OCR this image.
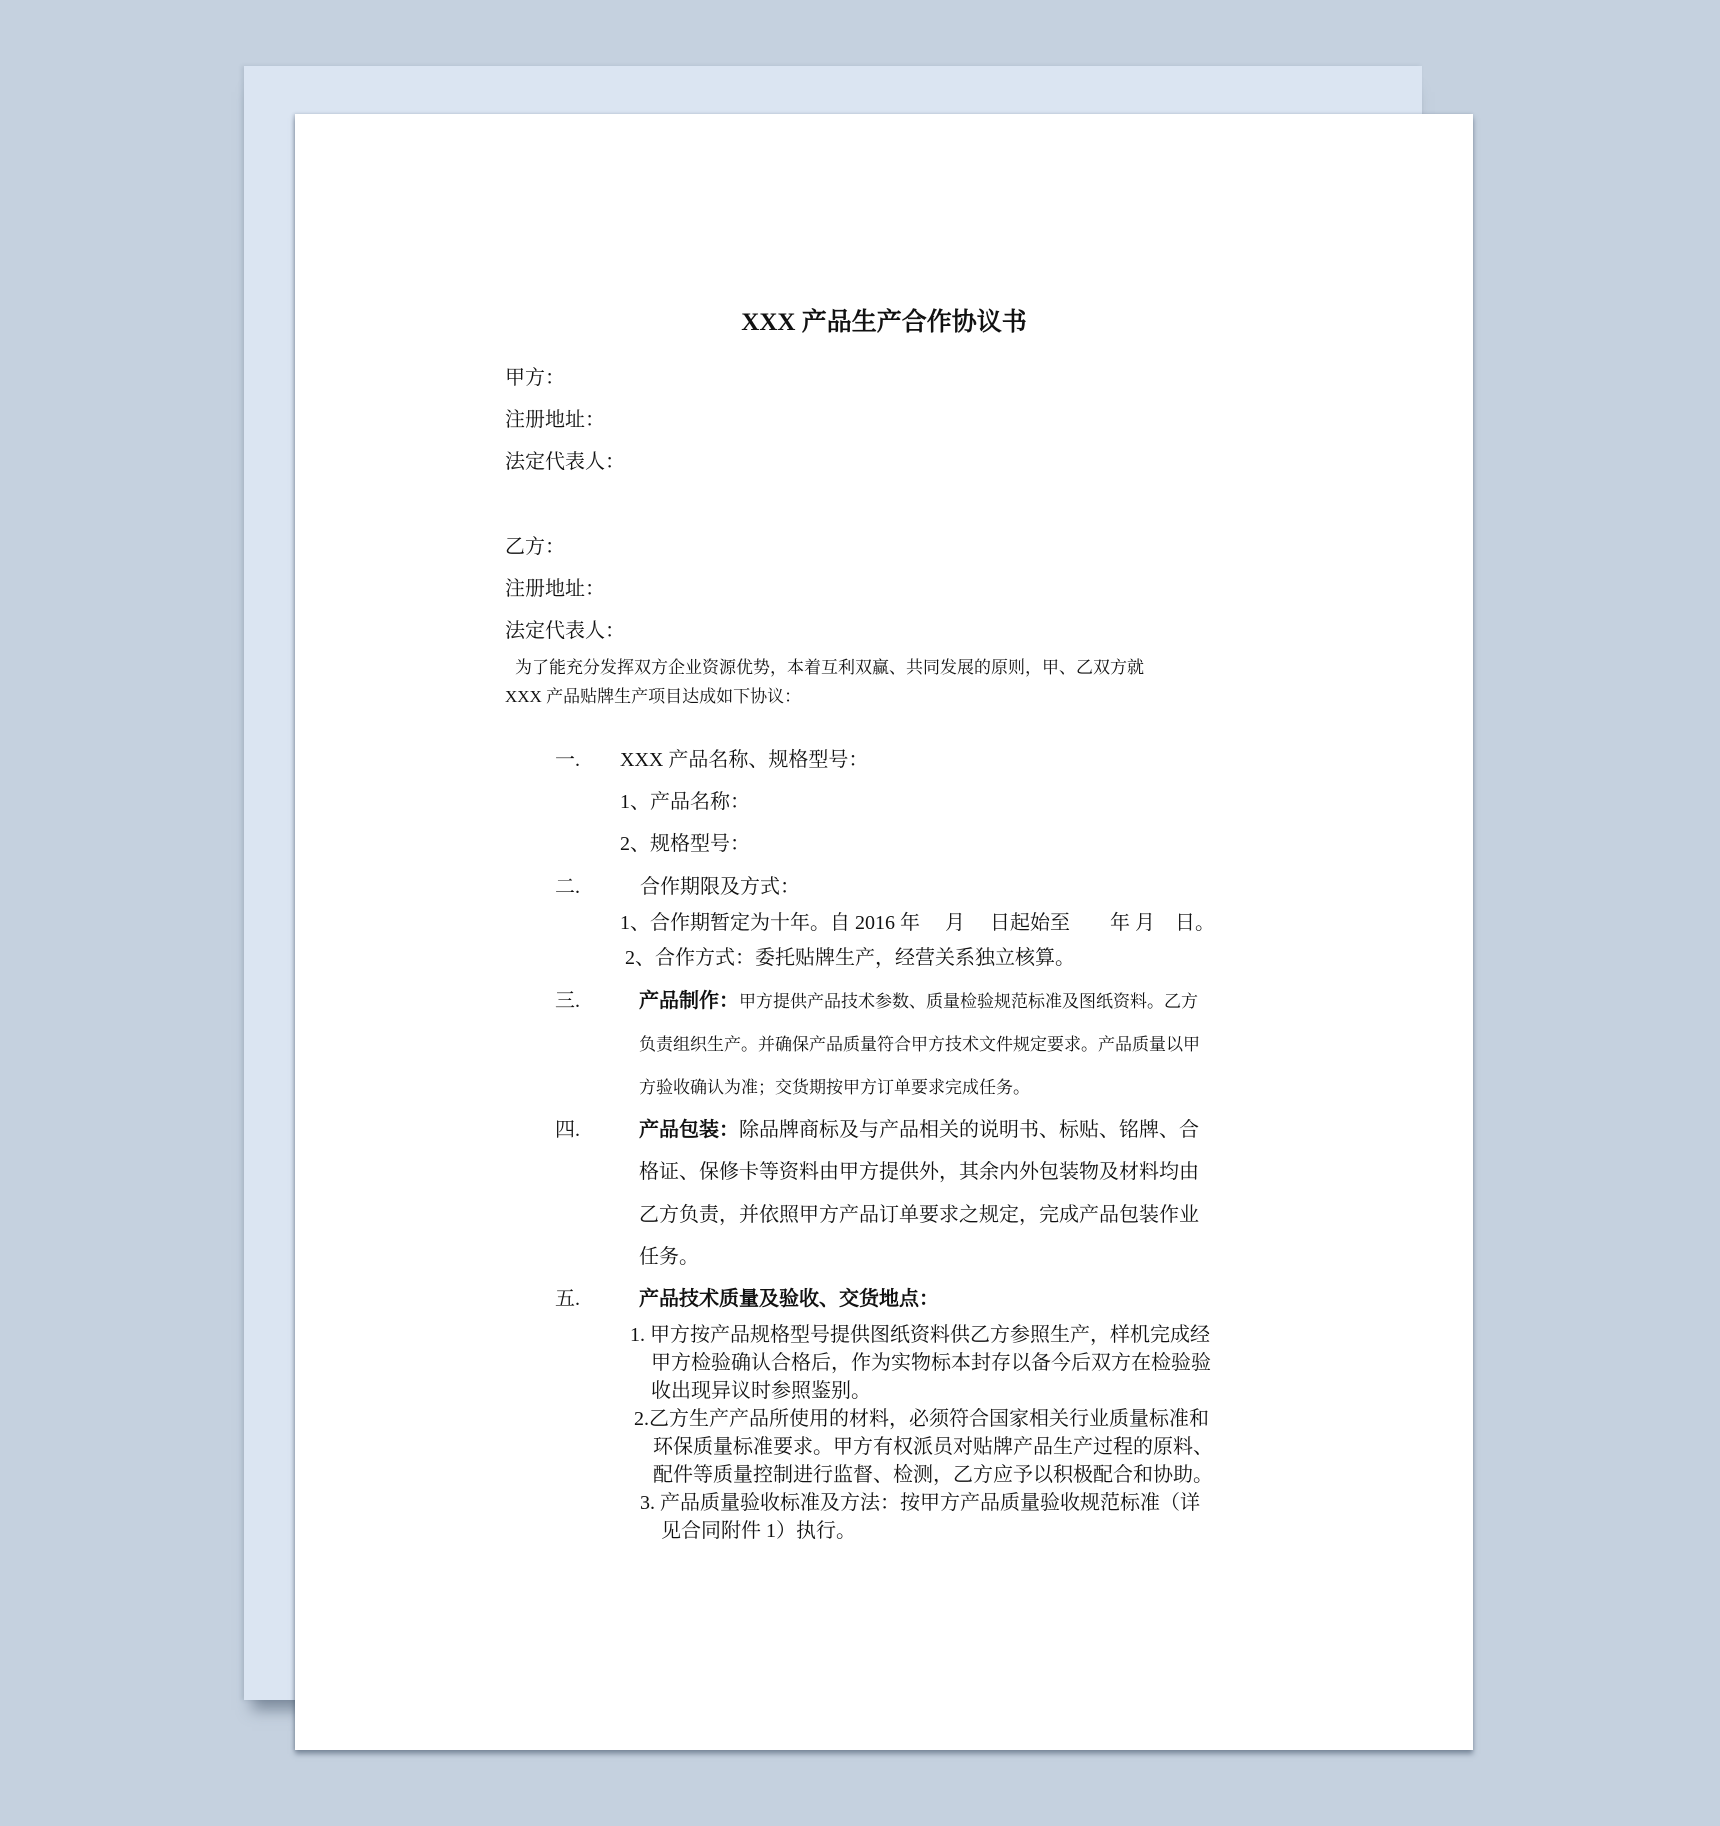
XXX 产品生产合作协议书
甲方：
注册地址：
法定代表人：
乙方：
注册地址：
法定代表人：
为了能充分发挥双方企业资源优势，本着互利双赢、共同发展的原则，甲、乙双方就
XXX 产品贴牌生产项目达成如下协议：
一. XXX 产品名称、规格型号：
1、产品名称：
2、规格型号：
二.	合作期限及方式：
1、合作期暂定为十年。自 2016 年　 月　 日起始至　　年 月　日。
2、合作方式：委托贴牌生产，经营关系独立核算。
三.	产品制作：甲方提供产品技术参数、质量检验规范标准及图纸资料。乙方
负责组织生产。并确保产品质量符合甲方技术文件规定要求。产品质量以甲
方验收确认为准；交货期按甲方订单要求完成任务。
四.	产品包装：除品牌商标及与产品相关的说明书、标贴、铭牌、合
格证、保修卡等资料由甲方提供外，其余内外包装物及材料均由
乙方负责，并依照甲方产品订单要求之规定，完成产品包装作业
任务。
五.	产品技术质量及验收、交货地点：
1. 甲方按产品规格型号提供图纸资料供乙方参照生产，样机完成经
甲方检验确认合格后，作为实物标本封存以备今后双方在检验验
收出现异议时参照鉴别。
2.乙方生产产品所使用的材料，必须符合国家相关行业质量标准和
环保质量标准要求。甲方有权派员对贴牌产品生产过程的原料、
配件等质量控制进行监督、检测，乙方应予以积极配合和协助。
3. 产品质量验收标准及方法：按甲方产品质量验收规范标准（详
见合同附件 1）执行。
